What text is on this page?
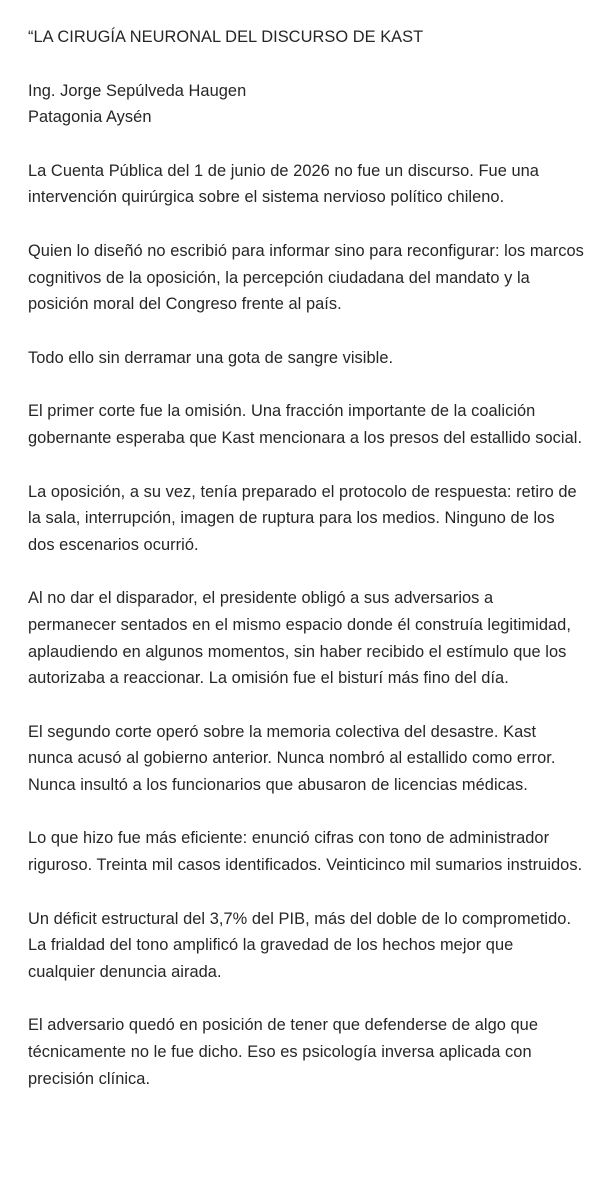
“LA CIRUGÍA NEURONAL DEL DISCURSO DE KAST
Ing. Jorge Sepúlveda Haugen
Patagonia Aysén

La Cuenta Pública del 1 de junio de 2026 no fue un discurso. Fue una intervención quirúrgica sobre el sistema nervioso político chileno.

Quien lo diseñó no escribió para informar sino para reconfigurar: los marcos cognitivos de la oposición, la percepción ciudadana del mandato y la posición moral del Congreso frente al país.

Todo ello sin derramar una gota de sangre visible.

El primer corte fue la omisión. Una fracción importante de la coalición gobernante esperaba que Kast mencionara a los presos del estallido social.

La oposición, a su vez, tenía preparado el protocolo de respuesta: retiro de la sala, interrupción, imagen de ruptura para los medios. Ninguno de los dos escenarios ocurrió.

Al no dar el disparador, el presidente obligó a sus adversarios a permanecer sentados en el mismo espacio donde él construía legitimidad, aplaudiendo en algunos momentos, sin haber recibido el estímulo que los autorizaba a reaccionar. La omisión fue el bisturí más fino del día.

El segundo corte operó sobre la memoria colectiva del desastre. Kast nunca acusó al gobierno anterior. Nunca nombró al estallido como error. Nunca insultó a los funcionarios que abusaron de licencias médicas.

Lo que hizo fue más eficiente: enunció cifras con tono de administrador riguroso. Treinta mil casos identificados. Veinticinco mil sumarios instruidos.

Un déficit estructural del 3,7% del PIB, más del doble de lo comprometido. La frialdad del tono amplificó la gravedad de los hechos mejor que cualquier denuncia airada.

El adversario quedó en posición de tener que defenderse de algo que técnicamente no le fue dicho. Eso es psicología inversa aplicada con precisión clínica.
